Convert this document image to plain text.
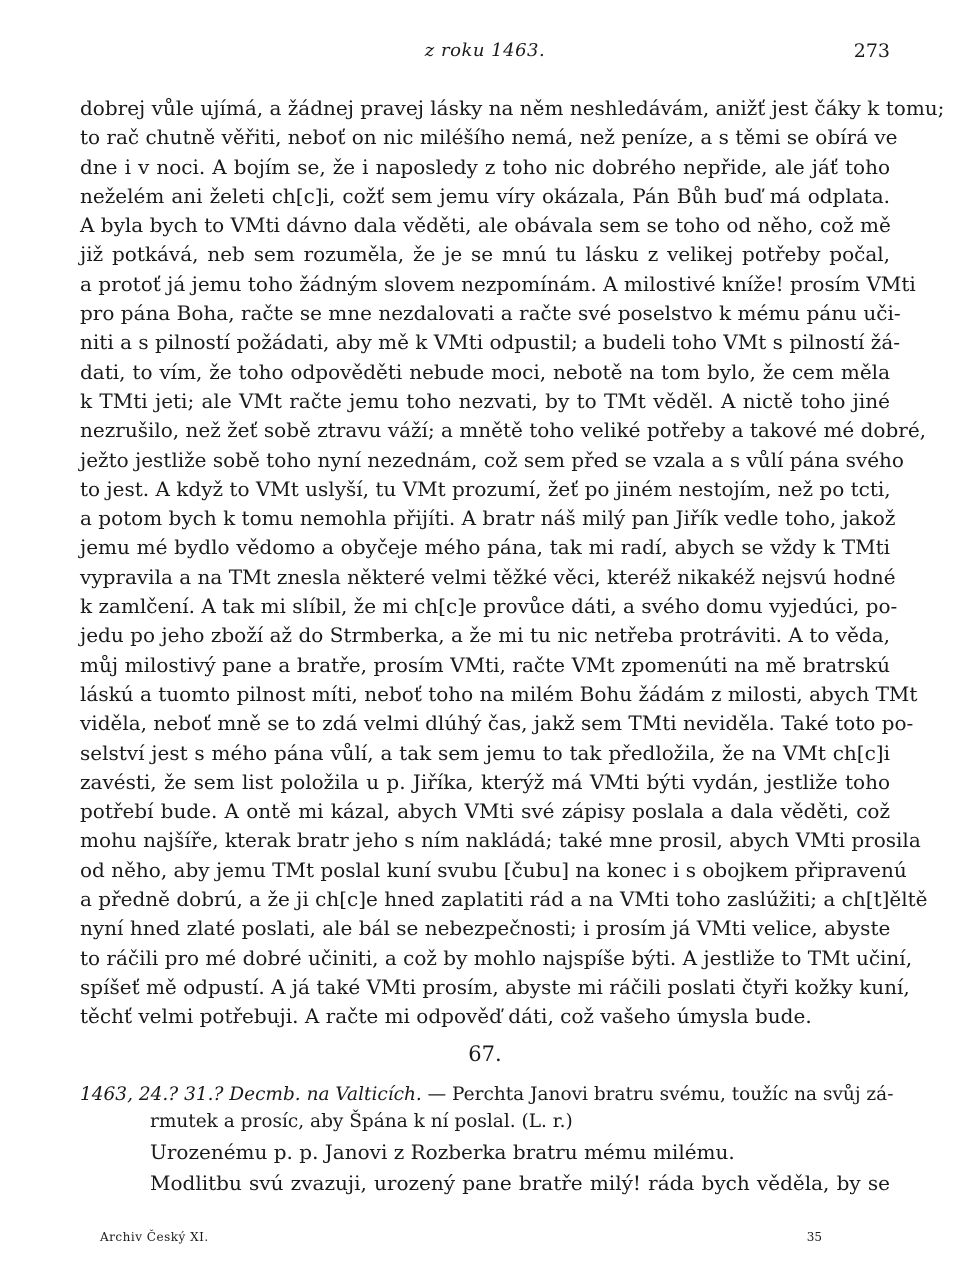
z roku 1463.	273
dobrej vůle ujímá, a žádnej pravej lásky na něm neshledávám, anižť jest čáky k tomu;
to rač chutně věřiti, neboť on nic miléšího nemá, než peníze, a s těmi se obírá ve
dne i v noci. A bojím se, že i naposledy z toho nic dobrého nepřide, ale jáť toho
neželém ani želeti ch[c]i, cožť sem jemu víry okázala, Pán Bůh buď má odplata.
A byla bych to VMti dávno dala věděti, ale obávala sem se toho od něho, což mě
již potkává, neb sem rozuměla, že je se mnú tu lásku z velikej potřeby počal,
a protoť já jemu toho žádným slovem nezpomínám. A milostivé kníže! prosím VMti
pro pána Boha, račte se mne nezdalovati a račte své poselstvo k mému pánu uči-
niti a s pilností požádati, aby mě k VMti odpustil; a budeli toho VMt s pilností žá-
dati, to vím, že toho odpověděti nebude moci, nebotě na tom bylo, že cem měla
k TMti jeti; ale VMt račte jemu toho nezvati, by to TMt věděl. A nictě toho jiné
nezrušilo, než žeť sobě ztravu váží; a mnětě toho veliké potřeby a takové mé dobré,
ježto jestliže sobě toho nyní nezednám, což sem před se vzala a s vůlí pána svého
to jest. A když to VMt uslyší, tu VMt prozumí, žeť po jiném nestojím, než po tcti,
a potom bych k tomu nemohla přijíti. A bratr náš milý pan Jiřík vedle toho, jakož
jemu mé bydlo vědomo a obyčeje mého pána, tak mi radí, abych se vždy k TMti
vypravila a na TMt znesla některé velmi těžké věci, kteréž nikakéž nejsvú hodné
k zamlčení. A tak mi slíbil, že mi ch[c]e provůce dáti, a svého domu vyjedúci, po-
jedu po jeho zboží až do Strmberka, a že mi tu nic netřeba protráviti. A to věda,
můj milostivý pane a bratře, prosím VMti, račte VMt zpomenúti na mě bratrskú
láskú a tuomto pilnost míti, neboť toho na milém Bohu žádám z milosti, abych TMt
viděla, neboť mně se to zdá velmi dlúhý čas, jakž sem TMti neviděla. Také toto po-
selství jest s mého pána vůlí, a tak sem jemu to tak předložila, že na VMt ch[c]i
zavésti, že sem list položila u p. Jiříka, kterýž má VMti býti vydán, jestliže toho
potřebí bude. A ontě mi kázal, abych VMti své zápisy poslala a dala věděti, což
mohu najšíře, kterak bratr jeho s ním nakládá; také mne prosil, abych VMti prosila
od něho, aby jemu TMt poslal kuní svubu [čubu] na konec i s obojkem připravenú
a předně dobrú, a že ji ch[c]e hned zaplatiti rád a na VMti toho zaslúžiti; a ch[t]ěltě
nyní hned zlaté poslati, ale bál se nebezpečnosti; i prosím já VMti velice, abyste
to ráčili pro mé dobré učiniti, a což by mohlo najspíše býti. A jestliže to TMt učiní,
spíšeť mě odpustí. A já také VMti prosím, abyste mi ráčili poslati čtyři kožky kuní,
těchť velmi potřebuji. A račte mi odpověď dáti, což vašeho úmysla bude.
67.
1463, 24.? 31.? Decmb. na Valticích. — Perchta Janovi bratru svému, toužíc na svůj zá-
rmutek a prosíc, aby Špána k ní poslal. (L. r.)
Urozenému p. p. Janovi z Rozberka bratru mému milému.
Modlitbu svú zvazuji, urozený pane bratře milý! ráda bych věděla, by se
Archiv Český XI.	35
